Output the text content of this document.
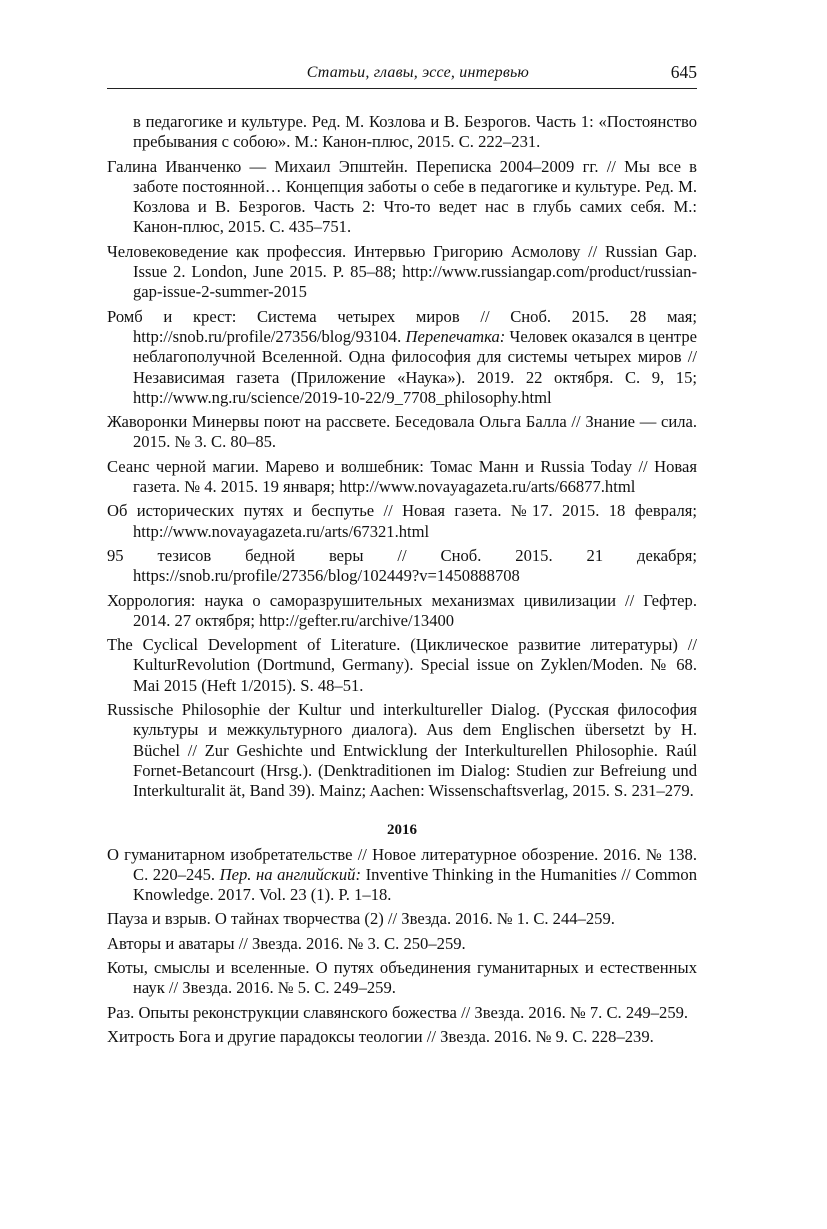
Статьи, главы, эссе, интервью	645

в педагогике и культуре. Ред. М. Козлова и В. Безрогов. Часть 1: «Постоянство пребывания с собою». М.: Канон-плюс, 2015. С. 222–231.

Галина Иванченко — Михаил Эпштейн. Переписка 2004–2009 гг. // Мы все в заботе постоянной… Концепция заботы о себе в педагогике и культуре. Ред. М. Козлова и В. Безрогов. Часть 2: Что-то ведет нас в глубь самих себя. М.: Канон-плюс, 2015. С. 435–751.

Человековедение как профессия. Интервью Григорию Асмолову // Russian Gap. Issue 2. London, June 2015. P. 85–88; http://www.russiangap.com/product/russian-gap-issue-2-summer-2015

Ромб и крест: Система четырех миров // Сноб. 2015. 28 мая; http://snob.ru/profile/27356/blog/93104. Перепечатка: Человек оказался в центре неблагополучной Вселенной. Одна философия для системы четырех миров // Независимая газета (Приложение «Наука»). 2019. 22 октября. С. 9, 15; http://www.ng.ru/science/2019-10-22/9_7708_philosophy.html

Жаворонки Минервы поют на рассвете. Беседовала Ольга Балла // Знание — сила. 2015. № 3. С. 80–85.

Сеанс черной магии. Марево и волшебник: Томас Манн и Russia Today // Новая газета. № 4. 2015. 19 января; http://www.novayagazeta.ru/arts/66877.html

Об исторических путях и беспутье // Новая газета. №17. 2015. 18 февраля; http://www.novayagazeta.ru/arts/67321.html

95 тезисов бедной веры // Сноб. 2015. 21 декабря; https://snob.ru/profile/27356/blog/102449?v=1450888708

Хоррология: наука о саморазрушительных механизмах цивилизации // Гефтер. 2014. 27 октября; http://gefter.ru/archive/13400

The Cyclical Development of Literature. (Циклическое развитие литературы) // KulturRevolution (Dortmund, Germany). Special issue on Zyklen/Moden. № 68. Mai 2015 (Heft 1/2015). S. 48–51.

Russische Philosophie der Kultur und interkultureller Dialog. (Русская философия культуры и межкультурного диалога). Aus dem Englischen übersetzt by H. Büchel // Zur Geshichte und Entwicklung der Interkulturellen Philosophie. Raúl Fornet-Betancourt (Hrsg.). (Denktraditionen im Dialog: Studien zur Befreiung und Interkulturalit ät, Band 39). Mainz; Aachen: Wissenschaftsverlag, 2015. S. 231–279.

2016

О гуманитарном изобретательстве // Новое литературное обозрение. 2016. № 138. С. 220–245. Пер. на английский: Inventive Thinking in the Humanities // Common Knowledge. 2017. Vol. 23 (1). P. 1–18.

Пауза и взрыв. О тайнах творчества (2) // Звезда. 2016. № 1. С. 244–259.

Авторы и аватары // Звезда. 2016. № 3. С. 250–259.

Коты, смыслы и вселенные. О путях объединения гуманитарных и естественных наук // Звезда. 2016. № 5. С. 249–259.

Раз. Опыты реконструкции славянского божества // Звезда. 2016. № 7. С. 249–259.

Хитрость Бога и другие парадоксы теологии // Звезда. 2016. № 9. С. 228–239.
